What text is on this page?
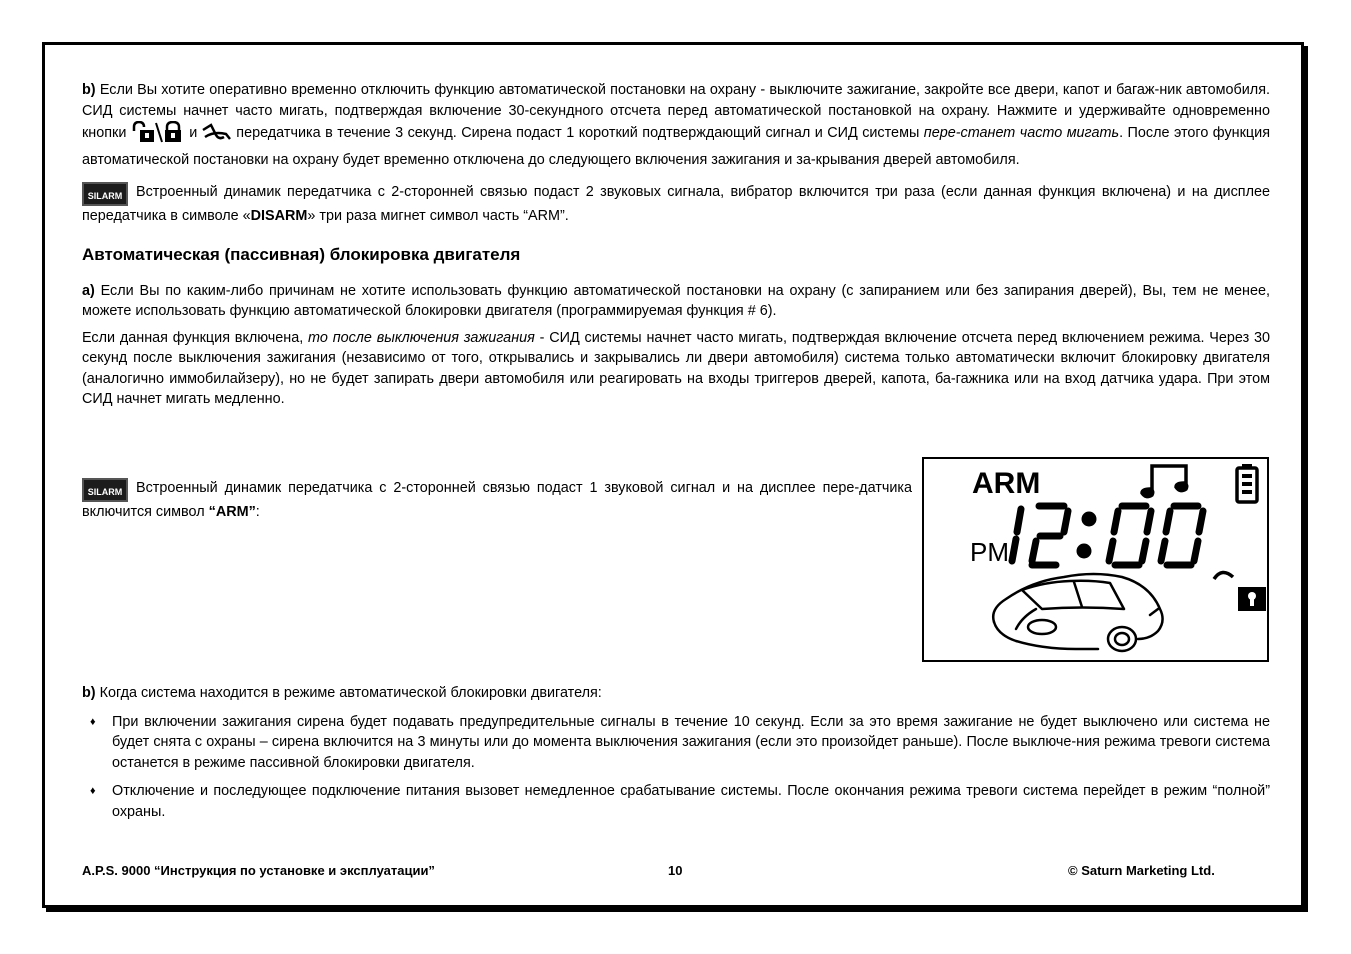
b) Если Вы хотите оперативно временно отключить функцию автоматической постановки на охрану - выключите зажигание, закройте все двери, капот и багаж-ник автомобиля. СИД системы начнет часто мигать, подтверждая включение 30-секундного отсчета перед автоматической постановкой на охрану. Нажмите и удерживайте одновременно кнопки	и  передатчика в течение 3 секунд. Сирена подаст 1 короткий подтверждающий сигнал и СИД системы пере-станет часто мигать. После этого функция автоматической постановки на охрану будет временно отключена до следующего включения зажигания и за-крывания дверей автомобиля.

SILARM Встроенный динамик передатчика с 2-сторонней связью подаст 2 звуковых сигнала, вибратор включится три раза (если данная функция включена) и на дисплее передатчика в символе «DISARM» три раза мигнет символ часть “ARM”.

Автоматическая (пассивная) блокировка двигателя

a) Если Вы по каким-либо причинам не хотите использовать функцию автоматической постановки на охрану (с запиранием или без запирания дверей), Вы, тем не менее, можете использовать функцию автоматической блокировки двигателя (программируемая функция # 6).

Если данная функция включена, то после выключения зажигания - СИД системы начнет часто мигать, подтверждая включение отсчета перед включением режима. Через 30 секунд после выключения зажигания (независимо от того, открывались и закрывались ли двери автомобиля) система только автоматически включит блокировку двигателя (аналогично иммобилайзеру), но не будет запирать двери автомобиля или реагировать на входы триггеров дверей, капота, ба-гажника или на вход датчика удара. При этом СИД начнет мигать медленно.

SILARM Встроенный динамик передатчика с 2-сторонней связью подаст 1 звуковой сигнал и на дисплее пере-датчика включится символ “ARM”:

b) Когда система находится в режиме автоматической блокировки двигателя:

♦ При включении зажигания сирена будет подавать предупредительные сигналы в течение 10 секунд. Если за это время зажигание не будет выключено или система не будет снята с охраны – сирена включится на 3 минуты или до момента выключения зажигания (если это произойдет раньше). После выключе-ния режима тревоги система останется в режиме пассивной блокировки двигателя.
♦ Отключение и последующее подключение питания вызовет немедленное срабатывание системы. После окончания режима тревоги система перейдет в режим “полной” охраны.
ARM
PM
A.P.S. 9000 “Инструкция по установке и эксплуатации”	10	© Saturn Marketing Ltd.
